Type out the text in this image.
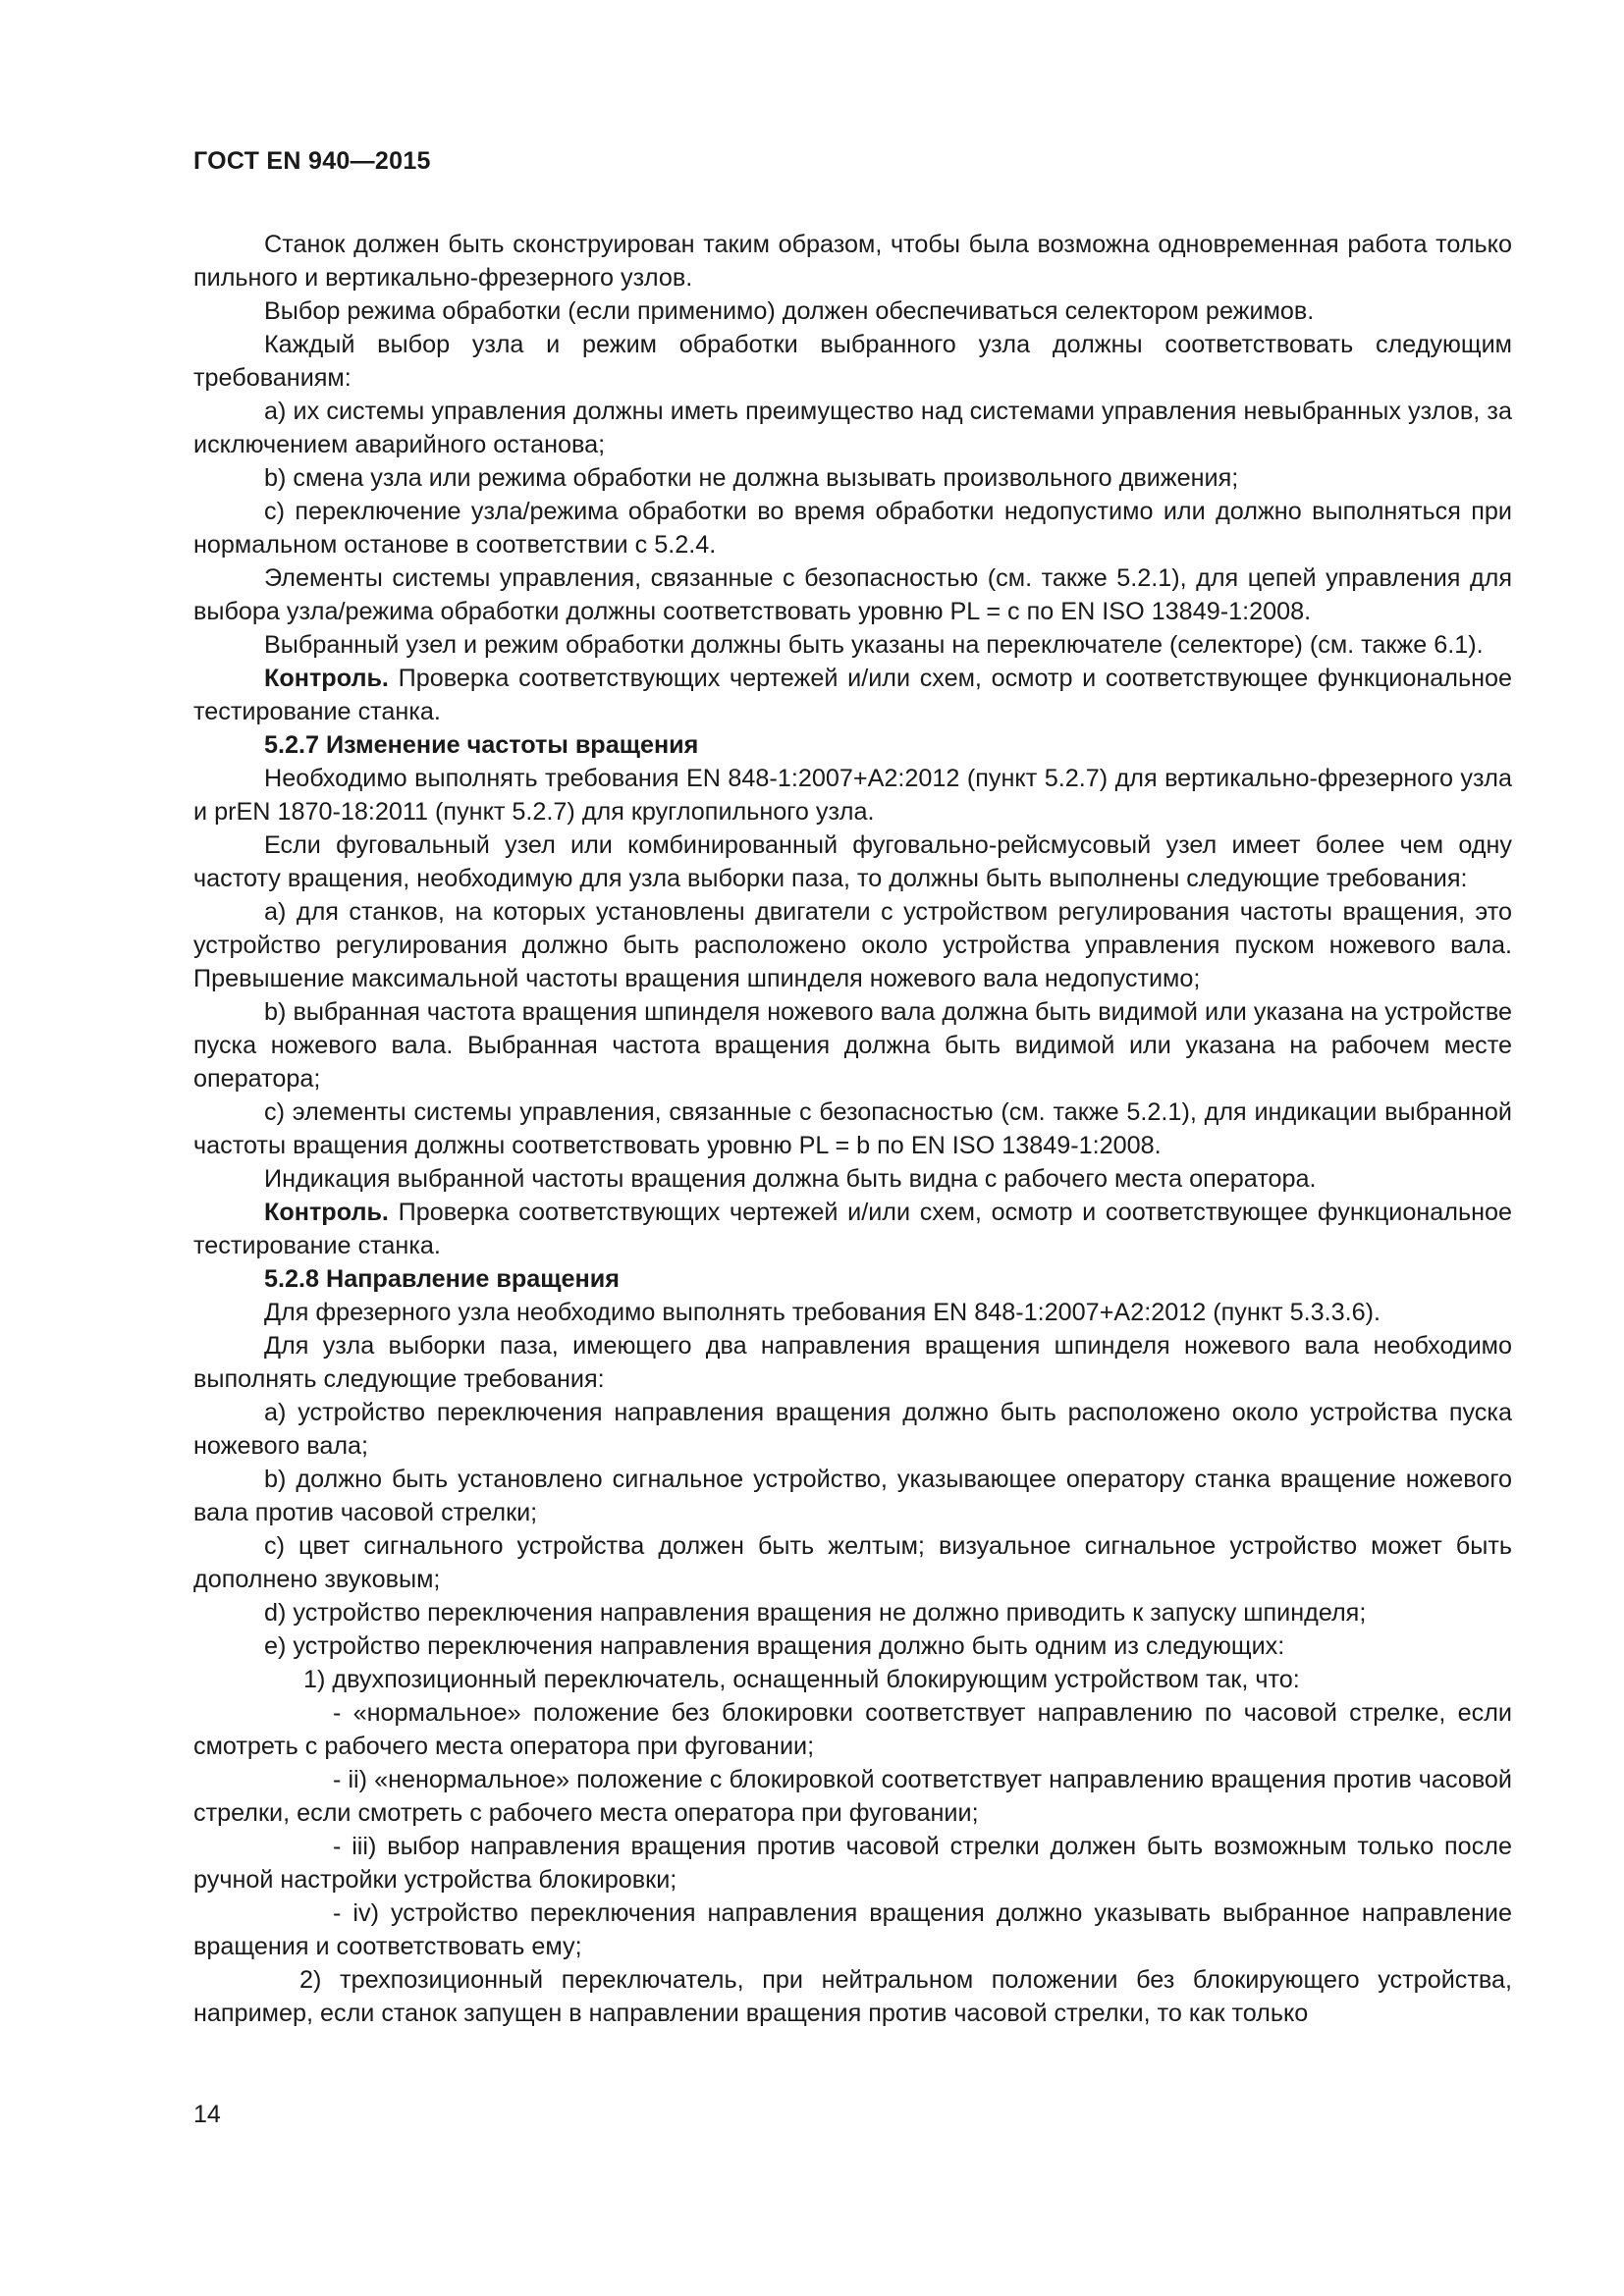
ГОСТ EN 940—2015

Станок должен быть сконструирован таким образом, чтобы была возможна одновременная работа только пильного и вертикально-фрезерного узлов.

Выбор режима обработки (если применимо) должен обеспечиваться селектором режимов.

Каждый выбор узла и режим обработки выбранного узла должны соответствовать следующим требованиям:

a) их системы управления должны иметь преимущество над системами управления невыбранных узлов, за исключением аварийного останова;

b) смена узла или режима обработки не должна вызывать произвольного движения;

c) переключение узла/режима обработки во время обработки недопустимо или должно выполняться при нормальном останове в соответствии с 5.2.4.

Элементы системы управления, связанные с безопасностью (см. также 5.2.1), для цепей управления для выбора узла/режима обработки должны соответствовать уровню PL = с по EN ISO 13849-1:2008.

Выбранный узел и режим обработки должны быть указаны на переключателе (селекторе) (см. также 6.1).

Контроль. Проверка соответствующих чертежей и/или схем, осмотр и соответствующее функциональное тестирование станка.

5.2.7 Изменение частоты вращения

Необходимо выполнять требования EN 848-1:2007+A2:2012 (пункт 5.2.7) для вертикально-фрезерного узла и prEN 1870-18:2011 (пункт 5.2.7) для круглопильного узла.

Если фуговальный узел или комбинированный фуговально-рейсмусовый узел имеет более чем одну частоту вращения, необходимую для узла выборки паза, то должны быть выполнены следующие требования:

a) для станков, на которых установлены двигатели с устройством регулирования частоты вращения, это устройство регулирования должно быть расположено около устройства управления пуском ножевого вала. Превышение максимальной частоты вращения шпинделя ножевого вала недопустимо;

b) выбранная частота вращения шпинделя ножевого вала должна быть видимой или указана на устройстве пуска ножевого вала. Выбранная частота вращения должна быть видимой или указана на рабочем месте оператора;

c) элементы системы управления, связанные с безопасностью (см. также 5.2.1), для индикации выбранной частоты вращения должны соответствовать уровню PL = b по EN ISO 13849-1:2008.

Индикация выбранной частоты вращения должна быть видна с рабочего места оператора.

Контроль. Проверка соответствующих чертежей и/или схем, осмотр и соответствующее функциональное тестирование станка.

5.2.8 Направление вращения

Для фрезерного узла необходимо выполнять требования EN 848-1:2007+A2:2012 (пункт 5.3.3.6).

Для узла выборки паза, имеющего два направления вращения шпинделя ножевого вала необходимо выполнять следующие требования:

a) устройство переключения направления вращения должно быть расположено около устройства пуска ножевого вала;

b) должно быть установлено сигнальное устройство, указывающее оператору станка вращение ножевого вала против часовой стрелки;

c) цвет сигнального устройства должен быть желтым; визуальное сигнальное устройство может быть дополнено звуковым;

d) устройство переключения направления вращения не должно приводить к запуску шпинделя;

e) устройство переключения направления вращения должно быть одним из следующих:

1) двухпозиционный переключатель, оснащенный блокирующим устройством так, что:

- «нормальное» положение без блокировки соответствует направлению по часовой стрелке, если смотреть с рабочего места оператора при фуговании;

- ii) «ненормальное» положение с блокировкой соответствует направлению вращения против часовой стрелки, если смотреть с рабочего места оператора при фуговании;

- iii) выбор направления вращения против часовой стрелки должен быть возможным только после ручной настройки устройства блокировки;

- iv) устройство переключения направления вращения должно указывать выбранное направление вращения и соответствовать ему;

2) трехпозиционный переключатель, при нейтральном положении без блокирующего устройства, например, если станок запущен в направлении вращения против часовой стрелки, то как только

14
